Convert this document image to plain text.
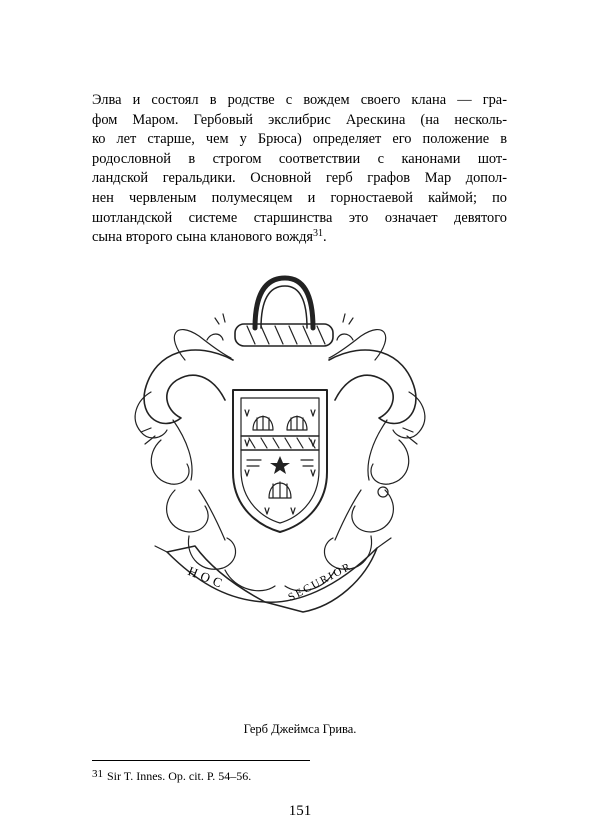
Элва и состоял в родстве с вождем своего клана — гра-
фом Маром. Гербовый экслибрис Арескина (на несколь-
ко лет старше, чем у Брюса) определяет его положение в
родословной в строгом соответствии с канонами шот-
ландской геральдики. Основной герб графов Мар допол-
нен червленым полумесяцем и горностаевой каймой; по
шотландской системе старшинства это означает девятого
сына второго сына кланового вождя$^{31}$.

HOC	SECURIOR
Герб Джеймса Грива.
31 Sir T. Innes. Op. cit. P. 54–56.
151
